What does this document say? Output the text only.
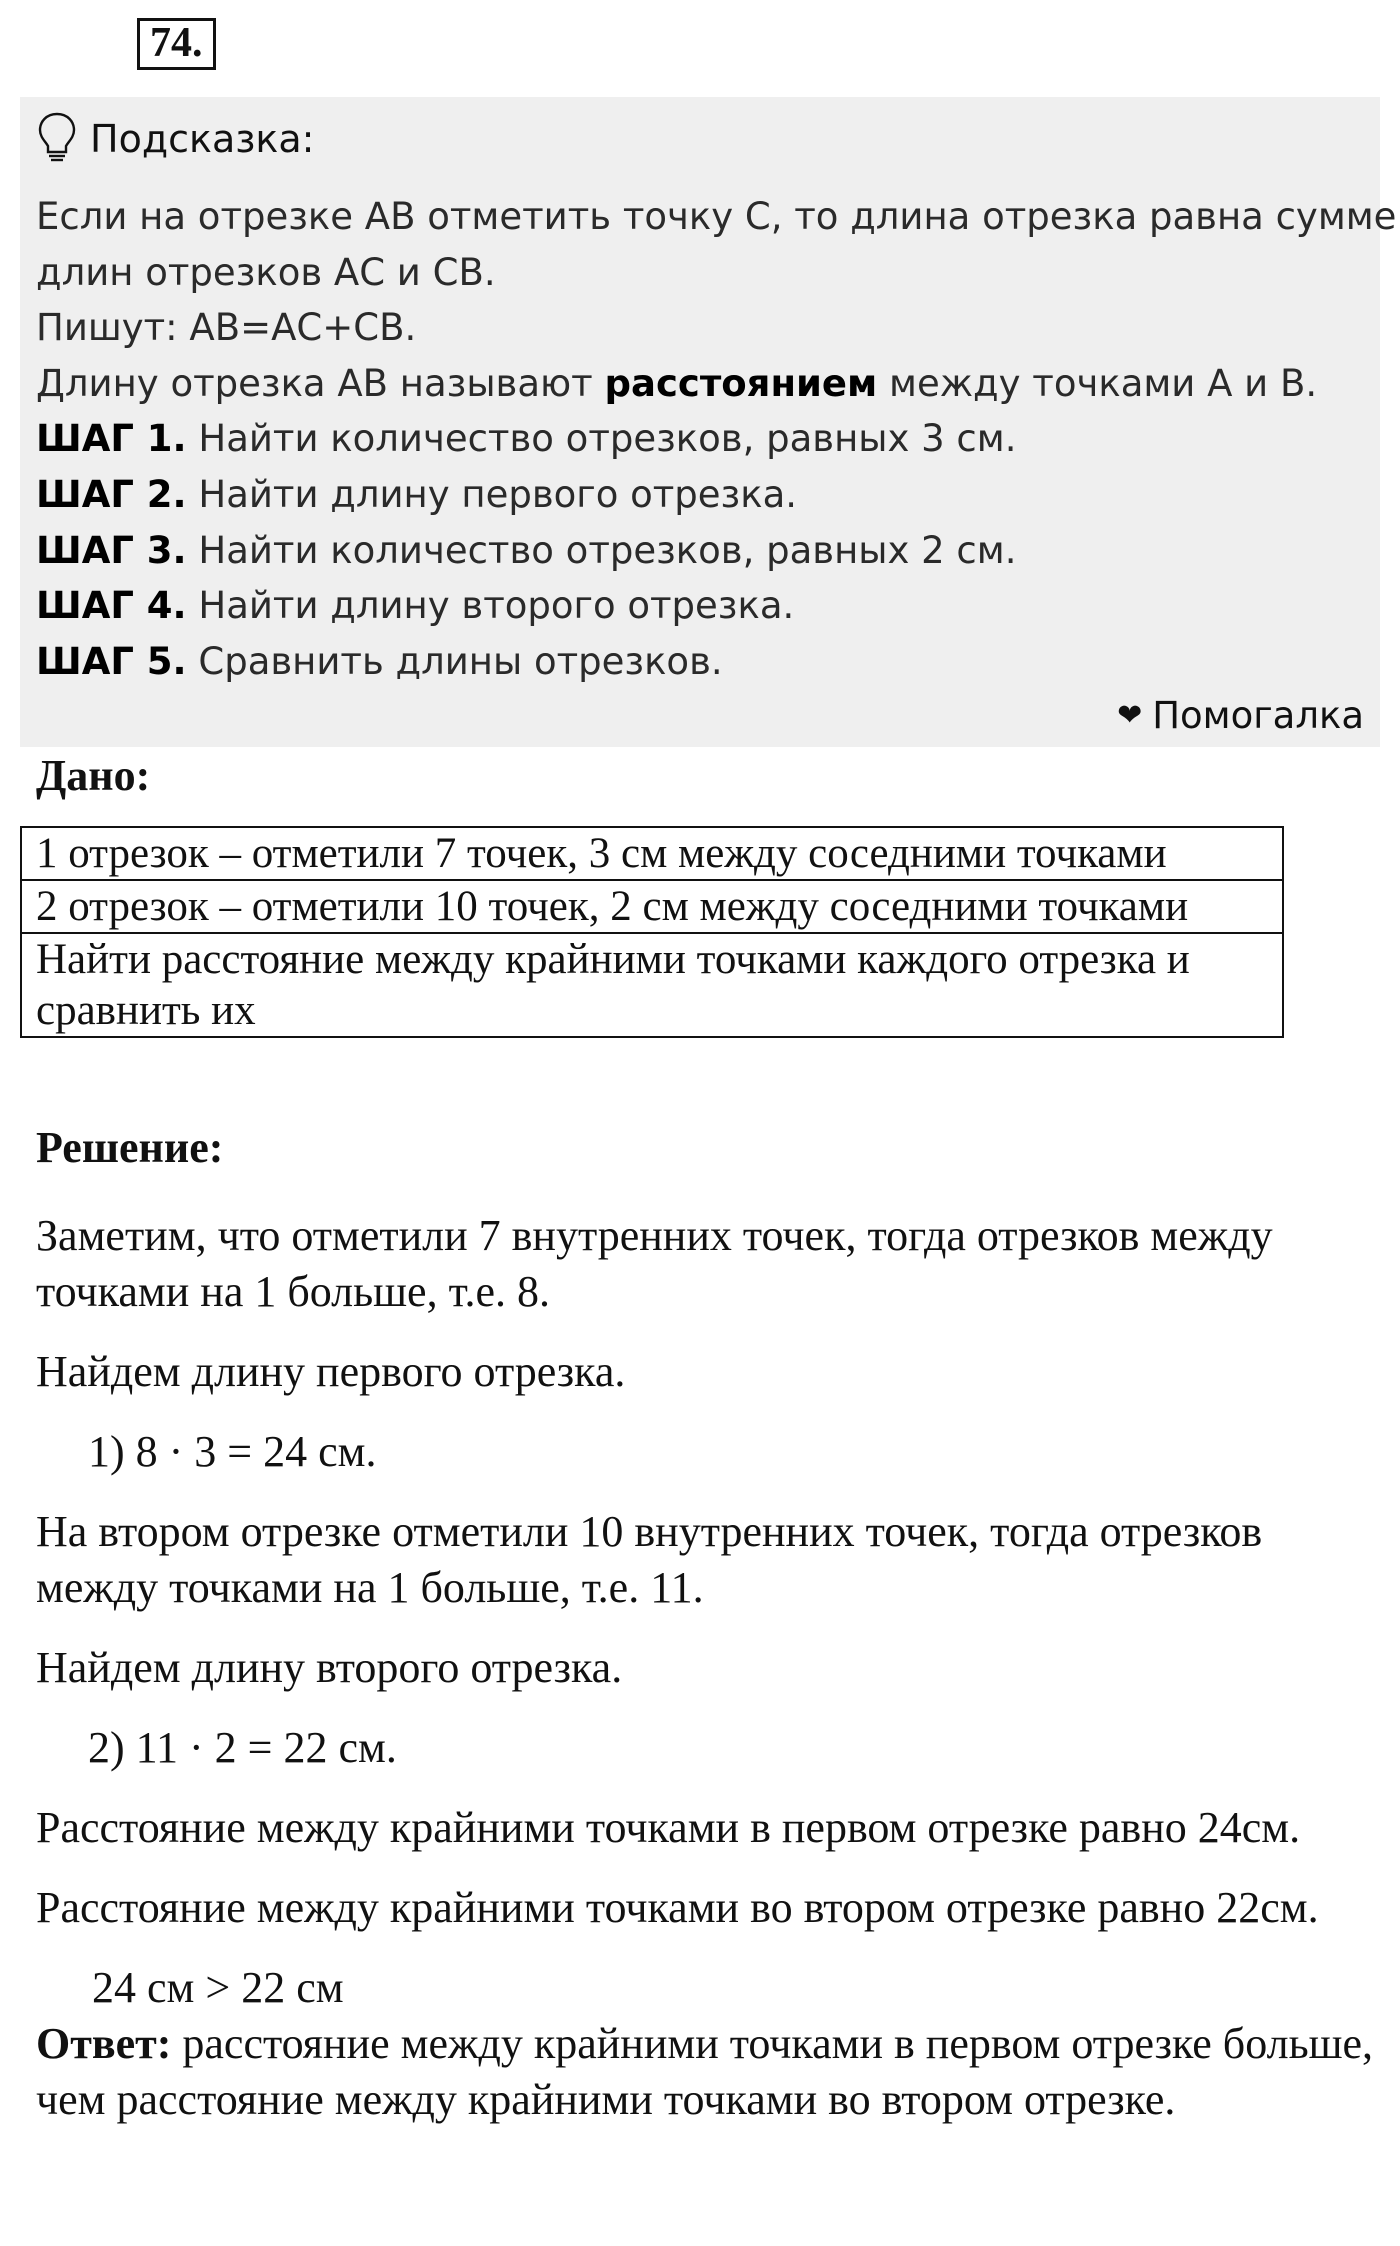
74.
Подсказка:
Если на отрезке АВ отметить точку С, то длина отрезка равна сумме
длин отрезков АС и СВ.
Пишут: АВ=АС+СВ.
Длину отрезка АВ называют расстоянием между точками А и В.
ШАГ 1. Найти количество отрезков, равных 3 см.
ШАГ 2. Найти длину первого отрезка.
ШАГ 3. Найти количество отрезков, равных 2 см.
ШАГ 4. Найти длину второго отрезка.
ШАГ 5. Сравнить длины отрезков.
❤ Помогалка
Дано:
1 отрезок – отметили 7 точек, 3 см между соседними точками
2 отрезок – отметили 10 точек, 2 см между соседними точками
Найти расстояние между крайними точками каждого отрезка и сравнить их
Решение:
Заметим, что отметили 7 внутренних точек, тогда отрезков между точками на 1 больше, т.е. 8.
Найдем длину первого отрезка.
1) 8 · 3 = 24 см.
На втором отрезке отметили 10 внутренних точек, тогда отрезков между точками на 1 больше, т.е. 11.
Найдем длину второго отрезка.
2) 11 · 2 = 22 см.
Расстояние между крайними точками в первом отрезке равно 24см.
Расстояние между крайними точками во втором отрезке равно 22см.
24 см > 22 см
Ответ: расстояние между крайними точками в первом отрезке больше, чем расстояние между крайними точками во втором отрезке.
